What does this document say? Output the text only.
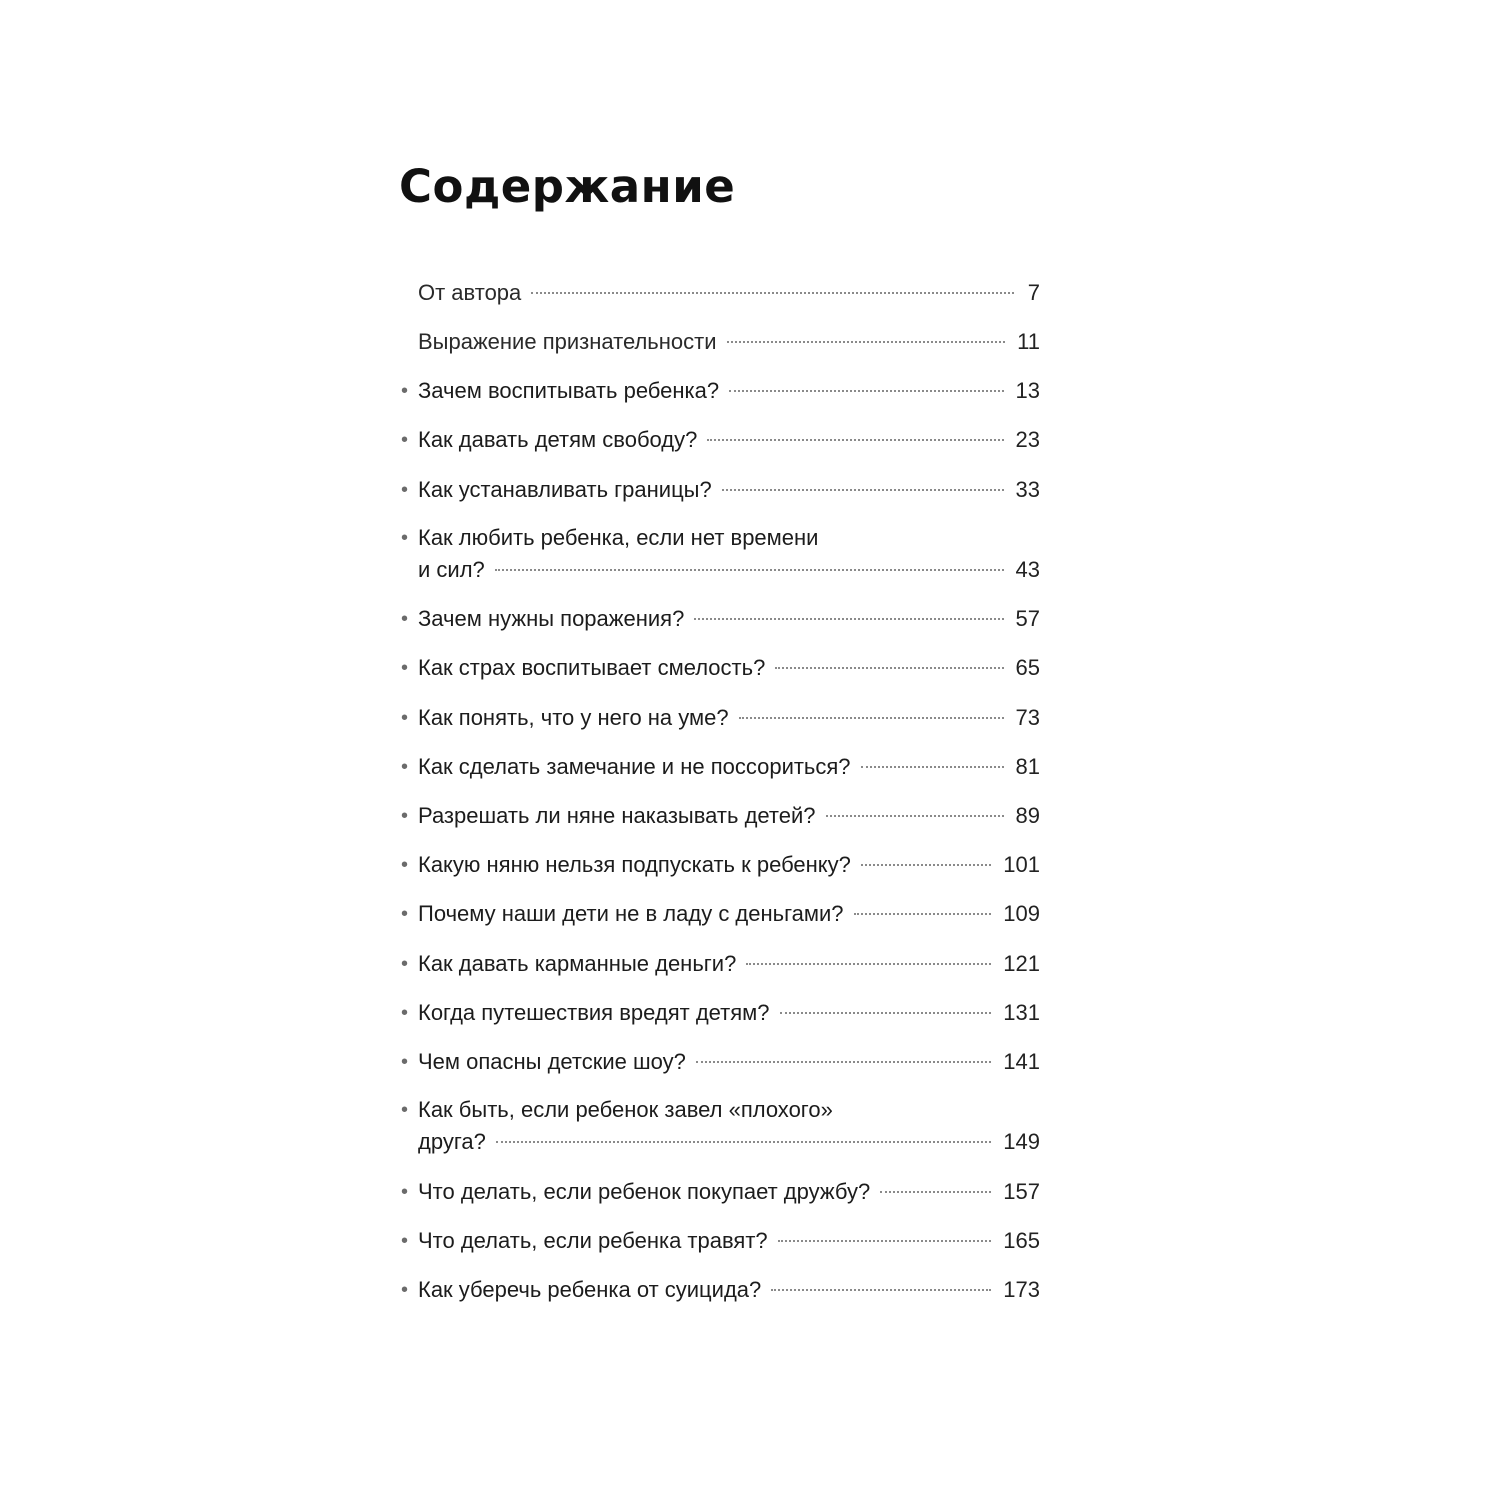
Содержание
От автора	7
Выражение признательности	11
• Зачем воспитывать ребенка?	13
• Как давать детям свободу?	23
• Как устанавливать границы?	33
• Как любить ребенка, если нет времени
и сил?	43
• Зачем нужны поражения?	57
• Как страх воспитывает смелость?	65
• Как понять, что у него на уме?	73
• Как сделать замечание и не поссориться?	81
• Разрешать ли няне наказывать детей?	89
• Какую няню нельзя подпускать к ребенку?	101
• Почему наши дети не в ладу с деньгами?	109
• Как давать карманные деньги?	121
• Когда путешествия вредят детям?	131
• Чем опасны детские шоу?	141
• Как быть, если ребенок завел «плохого»
друга?	149
• Что делать, если ребенок покупает дружбу?	157
• Что делать, если ребенка травят?	165
• Как уберечь ребенка от суицида?	173
